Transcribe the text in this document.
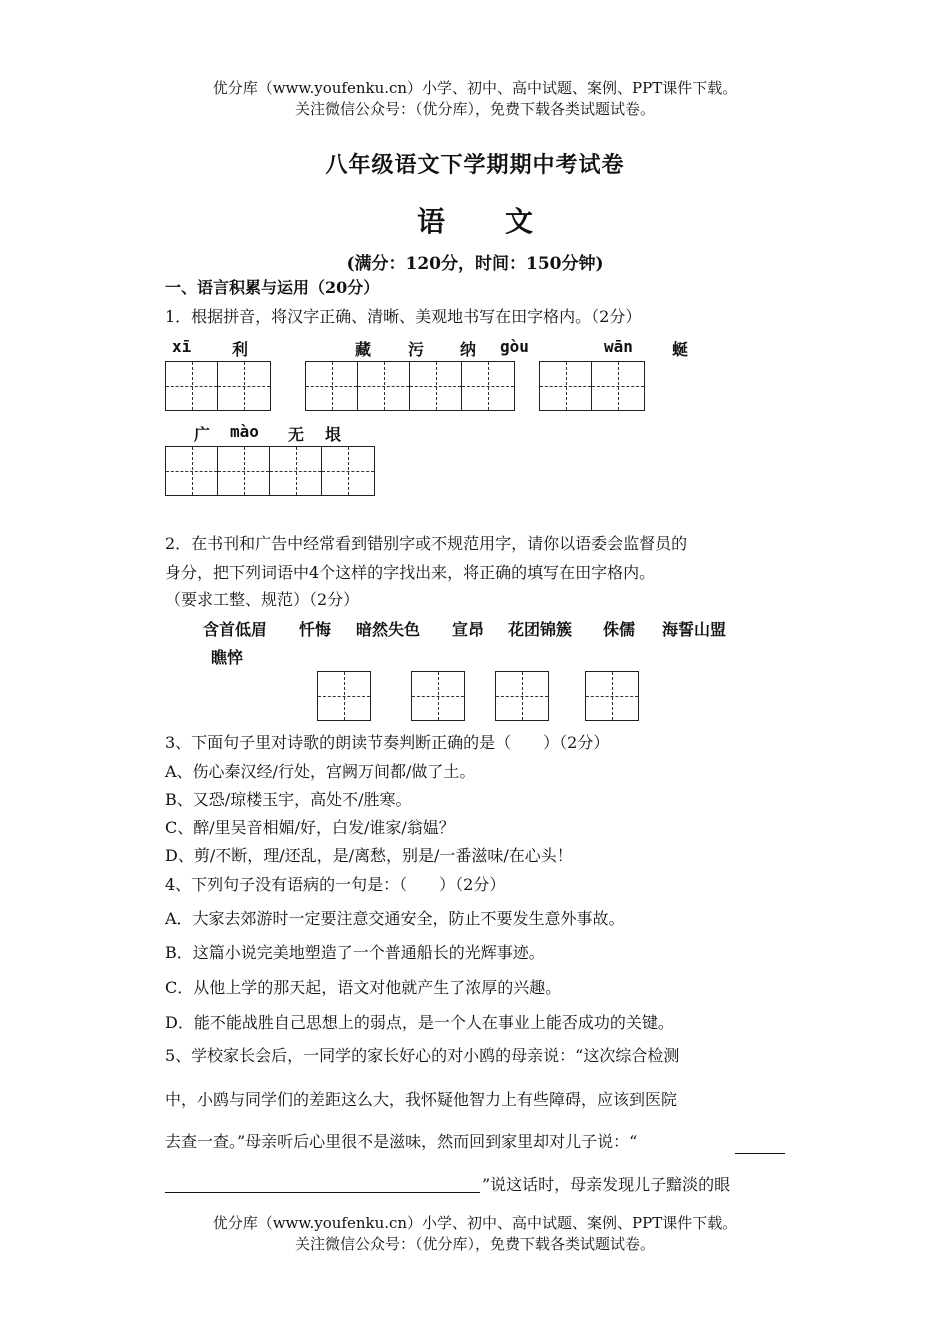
优分库（www.youfenku.cn）小学、初中、高中试题、案例、PPT课件下载。
关注微信公众号：（优分库），免费下载各类试题试卷。
八年级语文下学期期中考试卷
语文
(满分：120分，时间：150分钟)
一、语言积累与运用（20分）
1．根据拼音，将汉字正确、清晰、美观地书写在田字格内。（2分）
xī	利	藏 污 纳 gòu	wān 蜒
广 mào 无 垠
2．在书刊和广告中经常看到错别字或不规范用字，请你以语委会监督员的
身分，把下列词语中4个这样的字找出来，将正确的填写在田字格内。
（要求工整、规范）（2分）
含首低眉 忏悔 暗然失色 宣昂 花团锦簇 侏儒 海誓山盟
瞧悴
3、下面句子里对诗歌的朗读节奏判断正确的是（　　）（2分）
A、伤心秦汉经/行处，宫阙万间都/做了土。
B、又恐/琼楼玉宇，高处不/胜寒。
C、醉/里吴音相媚/好，白发/谁家/翁媪？
D、剪/不断，理/还乱，是/离愁，别是/一番滋味/在心头！
4、下列句子没有语病的一句是：（　　）（2分）
A．大家去郊游时一定要注意交通安全，防止不要发生意外事故。
B．这篇小说完美地塑造了一个普通船长的光辉事迹。
C．从他上学的那天起，语文对他就产生了浓厚的兴趣。
D．能不能战胜自己思想上的弱点，是一个人在事业上能否成功的关键。
5、学校家长会后，一同学的家长好心的对小鸥的母亲说：“这次综合检测
中，小鸥与同学们的差距这么大，我怀疑他智力上有些障碍，应该到医院
去查一查。”母亲听后心里很不是滋味，然而回到家里却对儿子说：“
”说这话时，母亲发现儿子黯淡的眼
优分库（www.youfenku.cn）小学、初中、高中试题、案例、PPT课件下载。
关注微信公众号：（优分库），免费下载各类试题试卷。
